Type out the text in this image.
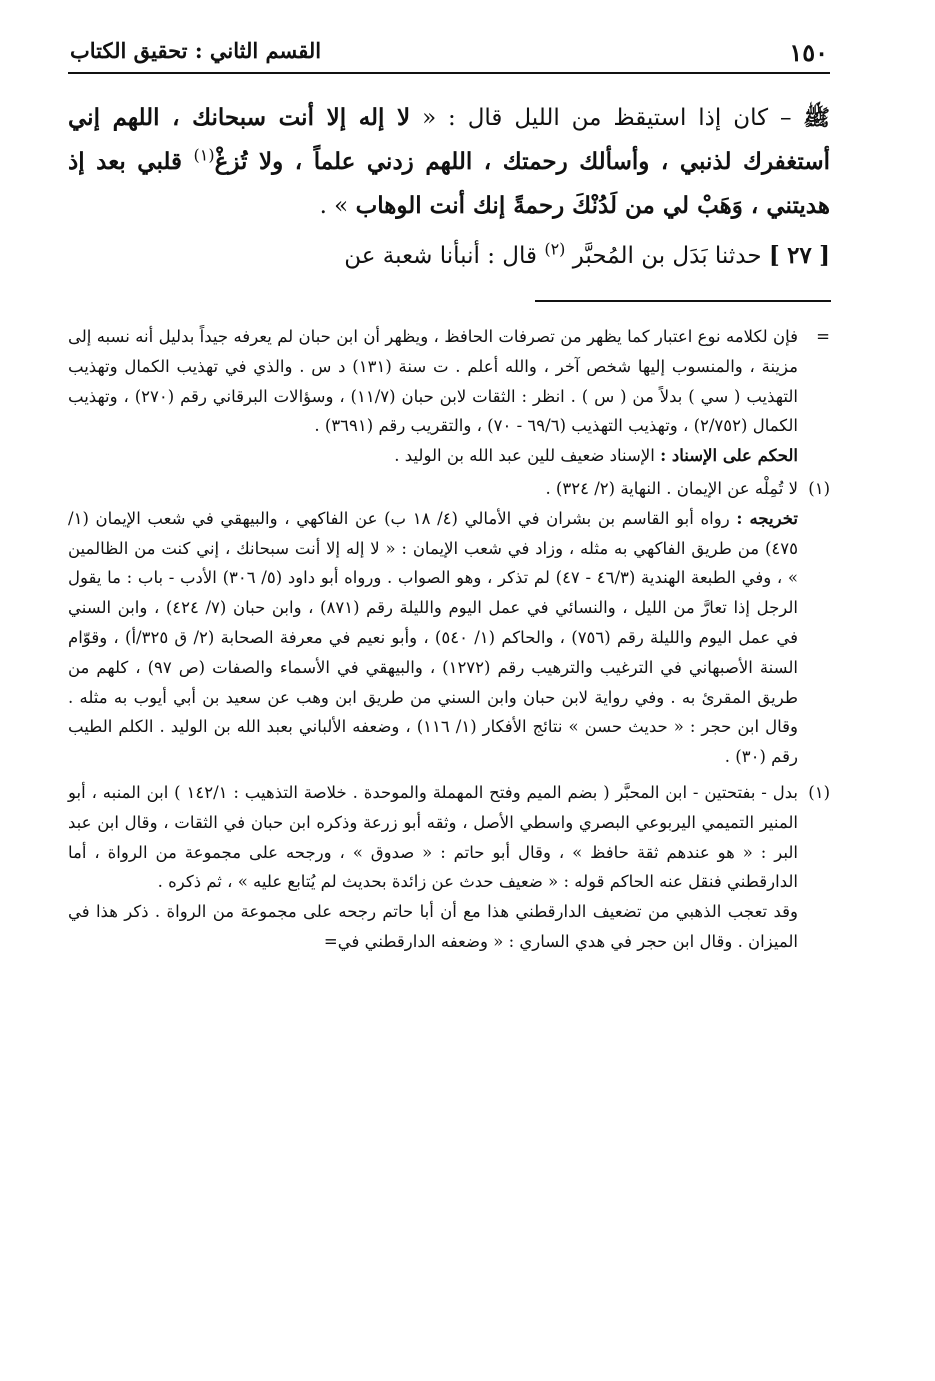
١٥٠
القسم الثاني : تحقيق الكتاب

ﷺ – كان إذا استيقظ من الليل قال : « لا إله إلا أنت سبحانك ، اللهم إني أستغفرك لذنبي ، وأسألك رحمتك ، اللهم زدني علماً ، ولا تُزغْ$^{(١)}$ قلبي بعد إذ هديتني ، وَهَبْ لي من لَدُنْكَ رحمةً إنك أنت الوهاب » .

[ ٢٧ ] حدثنا بَدَل بن المُحبَّر $^{(٢)}$ قال : أنبأنا شعبة عن

=

فإن لكلامه نوع اعتبار كما يظهر من تصرفات الحافظ ، ويظهر أن ابن حبان لم يعرفه جيداً بدليل أنه نسبه إلى مزينة ، والمنسوب إليها شخص آخر ، والله أعلم . ت سنة (١٣١) د س . والذي في تهذيب الكمال وتهذيب التهذيب ( سي ) بدلاً من ( س ) . انظر : الثقات لابن حبان (١١/٧) ، وسؤالات البرقاني رقم (٢٧٠) ، وتهذيب الكمال (٢/٧٥٢) ، وتهذيب التهذيب (٦٩/٦ - ٧٠) ، والتقريب رقم (٣٦٩١) .

الحكم على الإسناد : الإسناد ضعيف للين عبد الله بن الوليد .

(١)

لا تُمِلْه عن الإيمان . النهاية (٢/ ٣٢٤) .

تخريجه : رواه أبو القاسم بن بشران في الأمالي (٤/ ١٨ ب) عن الفاكهي ، والبيهقي في شعب الإيمان (١/ ٤٧٥) من طريق الفاكهي به مثله ، وزاد في شعب الإيمان : « لا إله إلا أنت سبحانك ، إني كنت من الظالمين » ، وفي الطبعة الهندية (٤٦/٣ - ٤٧) لم تذكر ، وهو الصواب . ورواه أبو داود (٥/ ٣٠٦) الأدب - باب : ما يقول الرجل إذا تعارَّ من الليل ، والنسائي في عمل اليوم والليلة رقم (٨٧١) ، وابن حبان (٧/ ٤٢٤) ، وابن السني في عمل اليوم والليلة رقم (٧٥٦) ، والحاكم (١/ ٥٤٠) ، وأبو نعيم في معرفة الصحابة (٢/ ق ٣٢٥/أ) ، وقوّام السنة الأصبهاني في الترغيب والترهيب رقم (١٢٧٢) ، والبيهقي في الأسماء والصفات (ص ٩٧) ، كلهم من طريق المقرئ به . وفي رواية لابن حبان وابن السني من طريق ابن وهب عن سعيد بن أبي أيوب به مثله . وقال ابن حجر : « حديث حسن » نتائج الأفكار (١/ ١١٦) ، وضعفه الألباني بعبد الله بن الوليد . الكلم الطيب رقم (٣٠) .

(١)

بدل - بفتحتين - ابن المحبَّر ( بضم الميم وفتح المهملة والموحدة . خلاصة التذهيب : ١٤٢/١ ) ابن المنبه ، أبو المنير التميمي اليربوعي البصري واسطي الأصل ، وثقه أبو زرعة وذكره ابن حبان في الثقات ، وقال ابن عبد البر : « هو عندهم ثقة حافظ » ، وقال أبو حاتم : « صدوق » ، ورجحه على مجموعة من الرواة ، أما الدارقطني فنقل عنه الحاكم قوله : « ضعيف حدث عن زائدة بحديث لم يُتابع عليه » ، ثم ذكره .

وقد تعجب الذهبي من تضعيف الدارقطني هذا مع أن أبا حاتم رجحه على مجموعة من الرواة . ذكر هذا في الميزان . وقال ابن حجر في هدي الساري : « وضعفه الدارقطني في=
